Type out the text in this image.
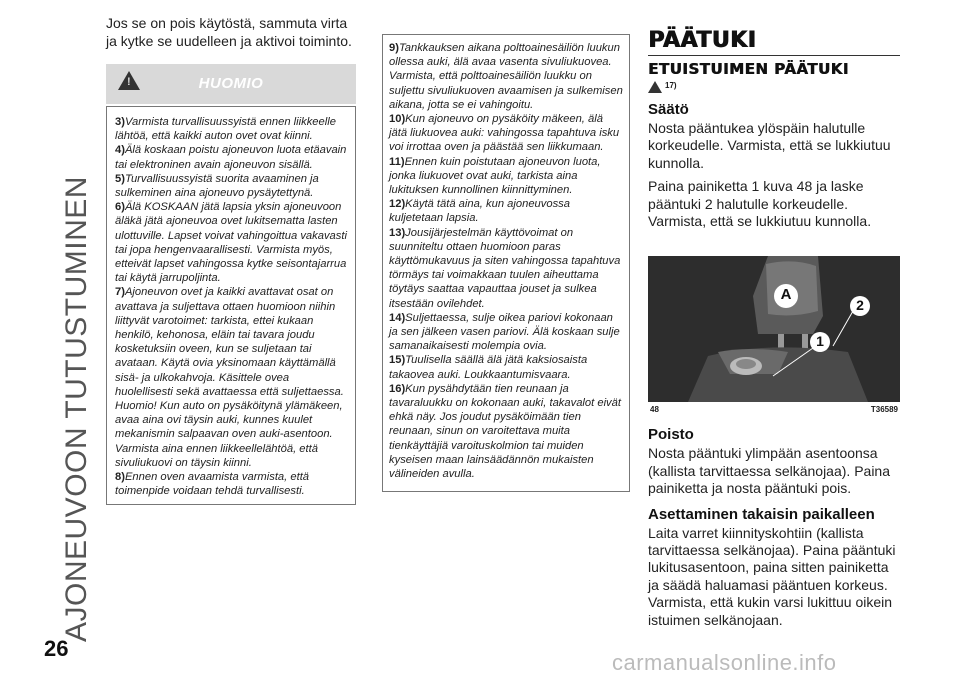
AJONEUVOON TUTUSTUMINEN
26
carmanualsonline.info

Jos se on pois käytöstä, sammuta virta ja kytke se uudelleen ja aktivoi toiminto.

!	HUOMIO

3)Varmista turvallisuussyistä ennen liikkeelle lähtöä, että kaikki auton ovet ovat kiinni.

4)Älä koskaan poistu ajoneuvon luota etäavain tai elektroninen avain ajoneuvon sisällä.

5)Turvallisuussyistä suorita avaaminen ja sulkeminen aina ajoneuvo pysäytettynä.

6)Älä KOSKAAN jätä lapsia yksin ajoneuvoon äläkä jätä ajoneuvoa ovet lukitsematta lasten ulottuville. Lapset voivat vahingoittua vakavasti tai jopa hengenvaarallisesti. Varmista myös, etteivät lapset vahingossa kytke seisontajarrua tai käytä jarrupoljinta.

7)Ajoneuvon ovet ja kaikki avattavat osat on avattava ja suljettava ottaen huomioon niihin liittyvät varotoimet: tarkista, ettei kukaan henkilö, kehonosa, eläin tai tavara joudu kosketuksiin oveen, kun se suljetaan tai avataan. Käytä ovia yksinomaan käyttämällä sisä- ja ulkokahvoja. Käsittele ovea huolellisesti sekä avattaessa että suljettaessa. Huomio! Kun auto on pysäköitynä ylämäkeen, avaa aina ovi täysin auki, kunnes kuulet mekanismin salpaavan oven auki-asentoon. Varmista aina ennen liikkeellelähtöä, että sivuliukuovi on täysin kiinni.

8)Ennen oven avaamista varmista, että toimenpide voidaan tehdä turvallisesti.

9)Tankkauksen aikana polttoainesäiliön luukun ollessa auki, älä avaa vasenta sivuliukuovea. Varmista, että polttoainesäiliön luukku on suljettu sivuliukuoven avaamisen ja sulkemisen aikana, jotta se ei vahingoitu.

10)Kun ajoneuvo on pysäköity mäkeen, älä jätä liukuovea auki: vahingossa tapahtuva isku voi irrottaa oven ja päästää sen liikkumaan.

11)Ennen kuin poistutaan ajoneuvon luota, jonka liukuovet ovat auki, tarkista aina lukituksen kunnollinen kiinnittyminen.

12)Käytä tätä aina, kun ajoneuvossa kuljetetaan lapsia.

13)Jousijärjestelmän käyttövoimat on suunniteltu ottaen huomioon paras käyttömukavuus ja siten vahingossa tapahtuva törmäys tai voimakkaan tuulen aiheuttama töytäys saattaa vapauttaa jouset ja sulkea itsestään ovilehdet.

14)Suljettaessa, sulje oikea pariovi kokonaan ja sen jälkeen vasen pariovi. Älä koskaan sulje samanaikaisesti molempia ovia.

15)Tuulisella säällä älä jätä kaksiosaista takaovea auki. Loukkaantumisvaara.

16)Kun pysähdytään tien reunaan ja tavaraluukku on kokonaan auki, takavalot eivät ehkä näy. Jos joudut pysäköimään tien reunaan, sinun on varoitettava muita tienkäyttäjiä varoituskolmion tai muiden kyseisen maan lainsäädännön mukaisten välineiden avulla.

PÄÄTUKI
ETUISTUIMEN PÄÄTUKI
17)
Säätö

Nosta pääntukea ylöspäin halutulle korkeudelle. Varmista, että se lukkiutuu kunnolla.

Paina painiketta 1 kuva 48 ja laske pääntuki 2 halutulle korkeudelle. Varmista, että se lukkiutuu kunnolla.

A
2
1
48	T36589
Poisto

Nosta pääntuki ylimpään asentoonsa (kallista tarvittaessa selkänojaa). Paina painiketta ja nosta pääntuki pois.

Asettaminen takaisin paikalleen

Laita varret kiinnityskohtiin (kallista tarvittaessa selkänojaa). Paina pääntuki lukitusasentoon, paina sitten painiketta ja säädä haluamasi pääntuen korkeus. Varmista, että kukin varsi lukittuu oikein istuimen selkänojaan.
